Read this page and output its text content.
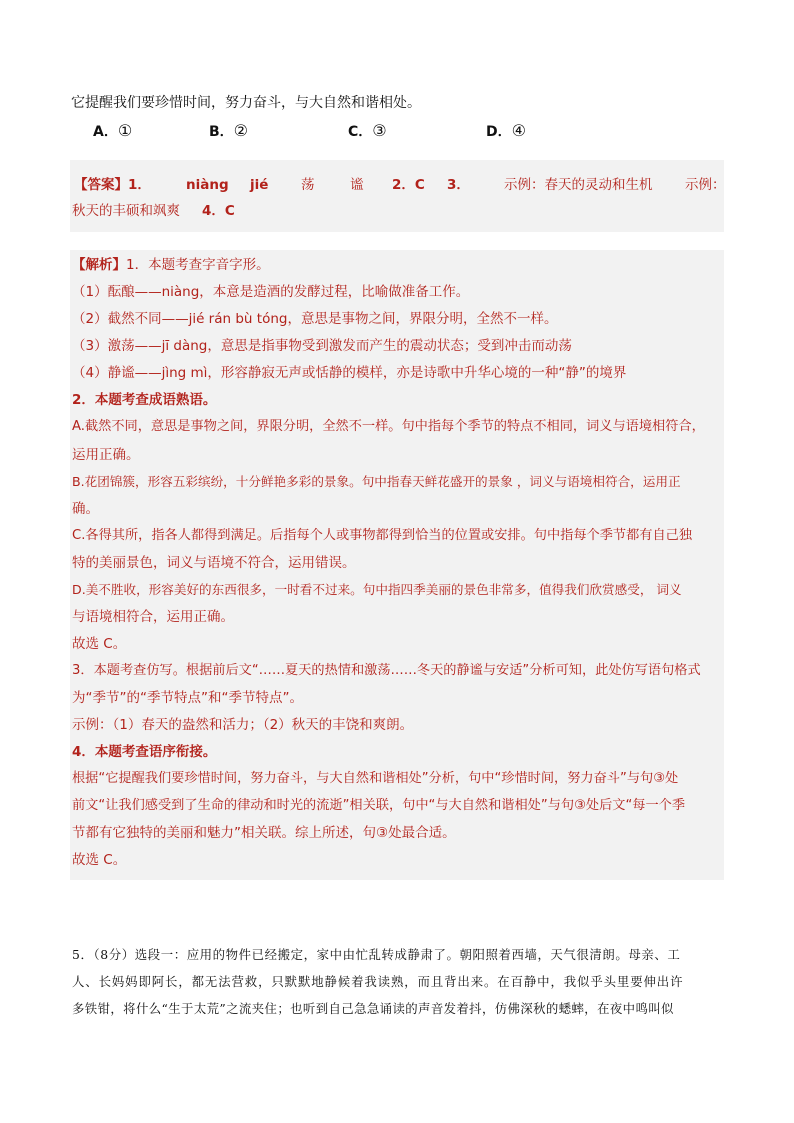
它提醒我们要珍惜时间，努力奋斗，与大自然和谐相处。
A．①	B．②	C．③	D．④
【答案】 1．	niàng jié 荡	谧 2．C 3．	示例：春天的灵动和生机 示例：
秋天的丰硕和飒爽 4．C
【解析】1．本题考查字音字形。
（1）酝酿——niàng，本意是造酒的发酵过程，比喻做准备工作。
（2）截然不同——jié rán bù tóng，意思是事物之间，界限分明，全然不一样。
（3）激荡——jī dàng，意思是指事物受到激发而产生的震动状态；受到冲击而动荡
（4）静谧——jìng mì，形容静寂无声或恬静的模样，亦是诗歌中升华心境的一种“静”的境界
2．本题考查成语熟语。
A.截然不同，意思是事物之间，界限分明，全然不一样。句中指每个季节的特点不相同，词义与语境相符合，
运用正确。
B.花团锦簇，形容五彩缤纷，十分鲜艳多彩的景象。句中指春天鲜花盛开的景象 ，词义与语境相符合，运用正
确。
C.各得其所，指各人都得到满足。后指每个人或事物都得到恰当的位置或安排。句中指每个季节都有自己独
特的美丽景色，词义与语境不符合，运用错误。
D.美不胜收，形容美好的东西很多，一时看不过来。句中指四季美丽的景色非常多，值得我们欣赏感受， 词义
与语境相符合，运用正确。
故选 C。
3．本题考查仿写。根据前后文“……夏天的热情和激荡……冬天的静谧与安适”分析可知，此处仿写语句格式
为“季节”的“季节特点”和“季节特点”。
示例：（1）春天的盎然和活力；（2）秋天的丰饶和爽朗。
4．本题考查语序衔接。
根据“它提醒我们要珍惜时间，努力奋斗，与大自然和谐相处”分析，句中“珍惜时间，努力奋斗”与句③处
前文“让我们感受到了生命的律动和时光的流逝”相关联，句中“与大自然和谐相处”与句③处后文“每一个季
节都有它独特的美丽和魅力”相关联。综上所述，句③处最合适。
故选 C。
5．（8分）选段一：应用的物件已经搬定，家中由忙乱转成静肃了。朝阳照着西墙，天气很清朗。母亲、工
人、长妈妈即阿长，都无法营救，只默默地静候着我读熟，而且背出来。在百静中，我似乎头里要伸出许
多铁钳，将什么“生于太荒”之流夹住；也听到自己急急诵读的声音发着抖，仿佛深秋的蟋蟀，在夜中鸣叫似
